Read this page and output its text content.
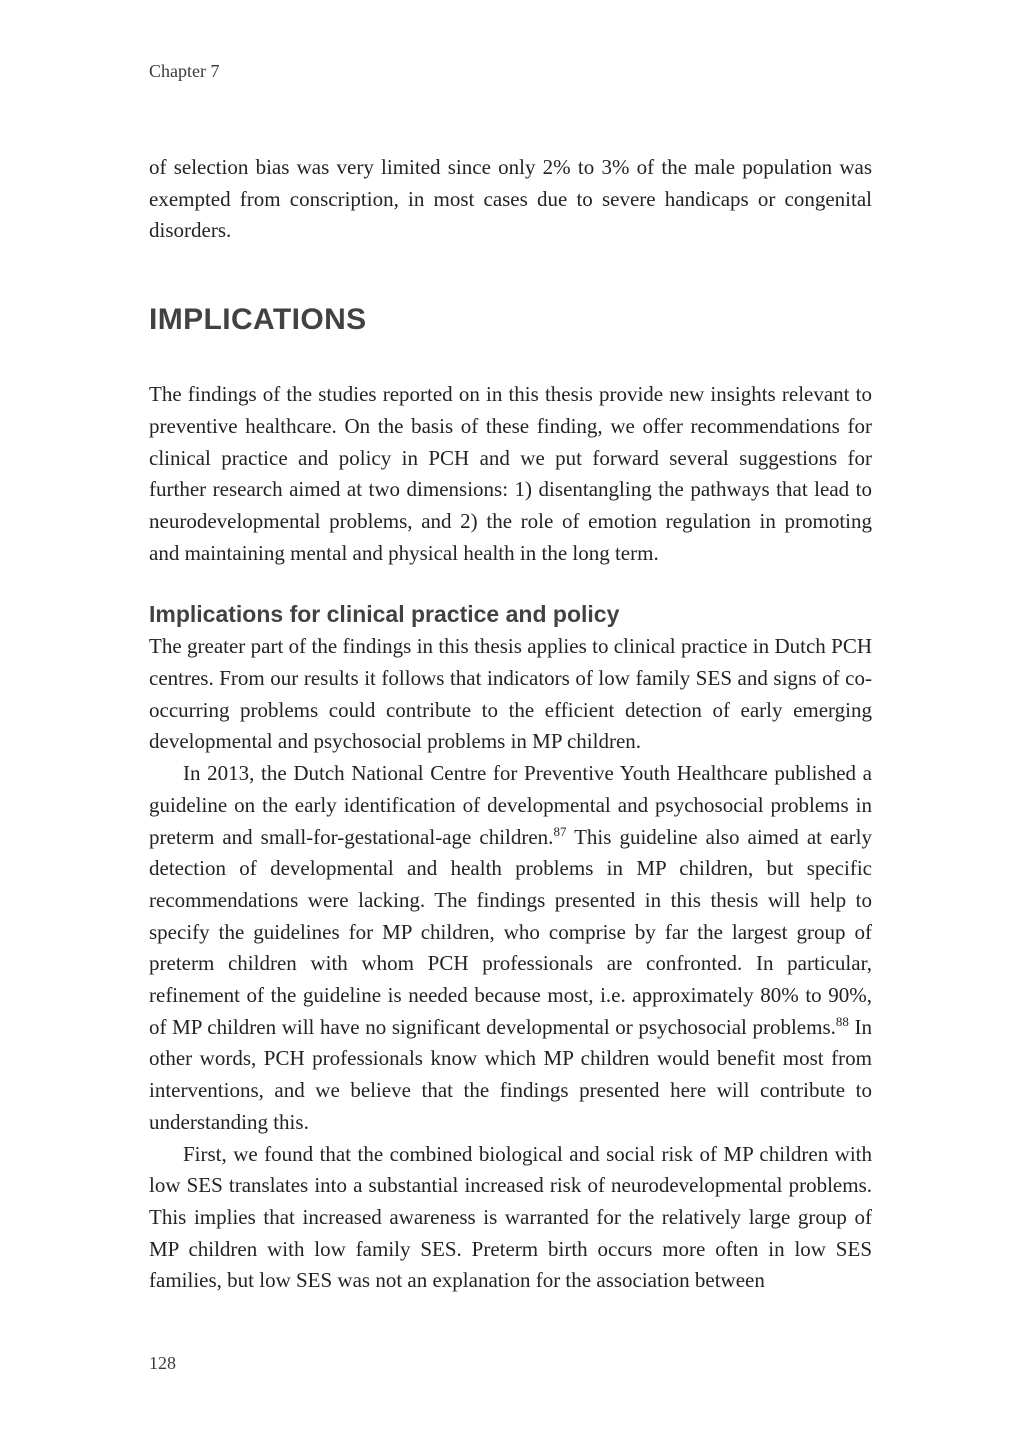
Chapter 7

of selection bias was very limited since only 2% to 3% of the male population was exempted from conscription, in most cases due to severe handicaps or congenital disorders.

IMPLICATIONS

The findings of the studies reported on in this thesis provide new insights relevant to preventive healthcare. On the basis of these finding, we offer recommendations for clinical practice and policy in PCH and we put forward several suggestions for further research aimed at two dimensions: 1) disentangling the pathways that lead to neurodevelopmental problems, and 2) the role of emotion regulation in promoting and maintaining mental and physical health in the long term.

Implications for clinical practice and policy

The greater part of the findings in this thesis applies to clinical practice in Dutch PCH centres. From our results it follows that indicators of low family SES and signs of co-occurring problems could contribute to the efficient detection of early emerging developmental and psychosocial problems in MP children.

In 2013, the Dutch National Centre for Preventive Youth Healthcare published a guideline on the early identification of developmental and psychosocial problems in preterm and small-for-gestational-age children.$^{87}$ This guideline also aimed at early detection of developmental and health problems in MP children, but specific recommendations were lacking. The findings presented in this thesis will help to specify the guidelines for MP children, who comprise by far the largest group of preterm children with whom PCH professionals are confronted. In particular, refinement of the guideline is needed because most, i.e. approximately 80% to 90%, of MP children will have no significant developmental or psychosocial problems.$^{88}$ In other words, PCH professionals know which MP children would benefit most from interventions, and we believe that the findings presented here will contribute to understanding this.

First, we found that the combined biological and social risk of MP children with low SES translates into a substantial increased risk of neurodevelopmental problems. This implies that increased awareness is warranted for the relatively large group of MP children with low family SES. Preterm birth occurs more often in low SES families, but low SES was not an explanation for the association between

128
